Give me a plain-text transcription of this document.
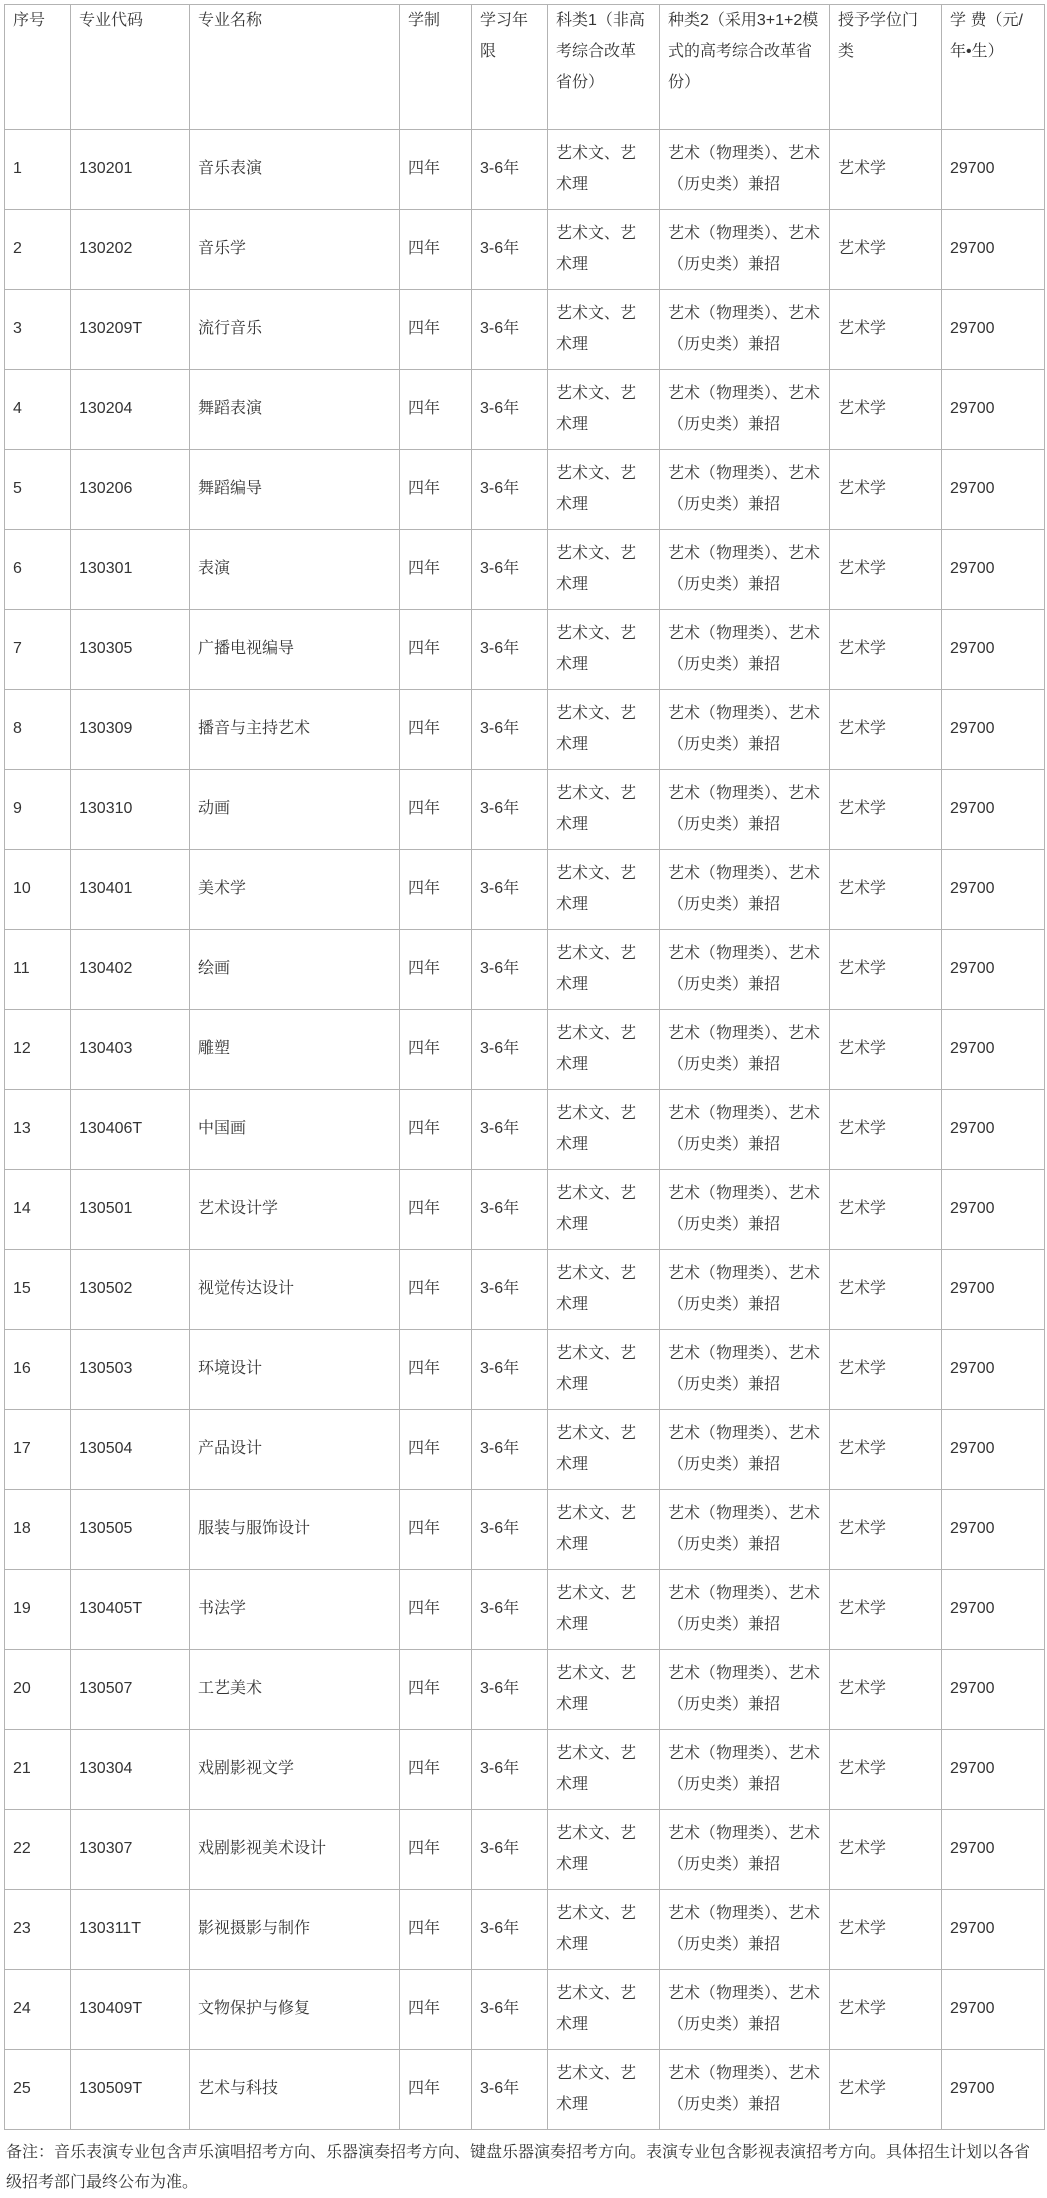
序号	专业代码	专业名称	学制	学习年限	科类1（非高考综合改革省份）	种类2（采用3+1+2模式的高考综合改革省份）	授予学位门类	学 费（元/年•生）
1	130201	音乐表演	四年	3-6年	艺术文、艺术理	艺术（物理类）、艺术（历史类）兼招	艺术学	29700
2	130202	音乐学	四年	3-6年	艺术文、艺术理	艺术（物理类）、艺术（历史类）兼招	艺术学	29700
3	130209T	流行音乐	四年	3-6年	艺术文、艺术理	艺术（物理类）、艺术（历史类）兼招	艺术学	29700
4	130204	舞蹈表演	四年	3-6年	艺术文、艺术理	艺术（物理类）、艺术（历史类）兼招	艺术学	29700
5	130206	舞蹈编导	四年	3-6年	艺术文、艺术理	艺术（物理类）、艺术（历史类）兼招	艺术学	29700
6	130301	表演	四年	3-6年	艺术文、艺术理	艺术（物理类）、艺术（历史类）兼招	艺术学	29700
7	130305	广播电视编导	四年	3-6年	艺术文、艺术理	艺术（物理类）、艺术（历史类）兼招	艺术学	29700
8	130309	播音与主持艺术	四年	3-6年	艺术文、艺术理	艺术（物理类）、艺术（历史类）兼招	艺术学	29700
9	130310	动画	四年	3-6年	艺术文、艺术理	艺术（物理类）、艺术（历史类）兼招	艺术学	29700
10	130401	美术学	四年	3-6年	艺术文、艺术理	艺术（物理类）、艺术（历史类）兼招	艺术学	29700
11	130402	绘画	四年	3-6年	艺术文、艺术理	艺术（物理类）、艺术（历史类）兼招	艺术学	29700
12	130403	雕塑	四年	3-6年	艺术文、艺术理	艺术（物理类）、艺术（历史类）兼招	艺术学	29700
13	130406T	中国画	四年	3-6年	艺术文、艺术理	艺术（物理类）、艺术（历史类）兼招	艺术学	29700
14	130501	艺术设计学	四年	3-6年	艺术文、艺术理	艺术（物理类）、艺术（历史类）兼招	艺术学	29700
15	130502	视觉传达设计	四年	3-6年	艺术文、艺术理	艺术（物理类）、艺术（历史类）兼招	艺术学	29700
16	130503	环境设计	四年	3-6年	艺术文、艺术理	艺术（物理类）、艺术（历史类）兼招	艺术学	29700
17	130504	产品设计	四年	3-6年	艺术文、艺术理	艺术（物理类）、艺术（历史类）兼招	艺术学	29700
18	130505	服装与服饰设计	四年	3-6年	艺术文、艺术理	艺术（物理类）、艺术（历史类）兼招	艺术学	29700
19	130405T	书法学	四年	3-6年	艺术文、艺术理	艺术（物理类）、艺术（历史类）兼招	艺术学	29700
20	130507	工艺美术	四年	3-6年	艺术文、艺术理	艺术（物理类）、艺术（历史类）兼招	艺术学	29700
21	130304	戏剧影视文学	四年	3-6年	艺术文、艺术理	艺术（物理类）、艺术（历史类）兼招	艺术学	29700
22	130307	戏剧影视美术设计	四年	3-6年	艺术文、艺术理	艺术（物理类）、艺术（历史类）兼招	艺术学	29700
23	130311T	影视摄影与制作	四年	3-6年	艺术文、艺术理	艺术（物理类）、艺术（历史类）兼招	艺术学	29700
24	130409T	文物保护与修复	四年	3-6年	艺术文、艺术理	艺术（物理类）、艺术（历史类）兼招	艺术学	29700
25	130509T	艺术与科技	四年	3-6年	艺术文、艺术理	艺术（物理类）、艺术（历史类）兼招	艺术学	29700
备注：音乐表演专业包含声乐演唱招考方向、乐器演奏招考方向、键盘乐器演奏招考方向。表演专业包含影视表演招考方向。具体招生计划以各省级招考部门最终公布为准。
